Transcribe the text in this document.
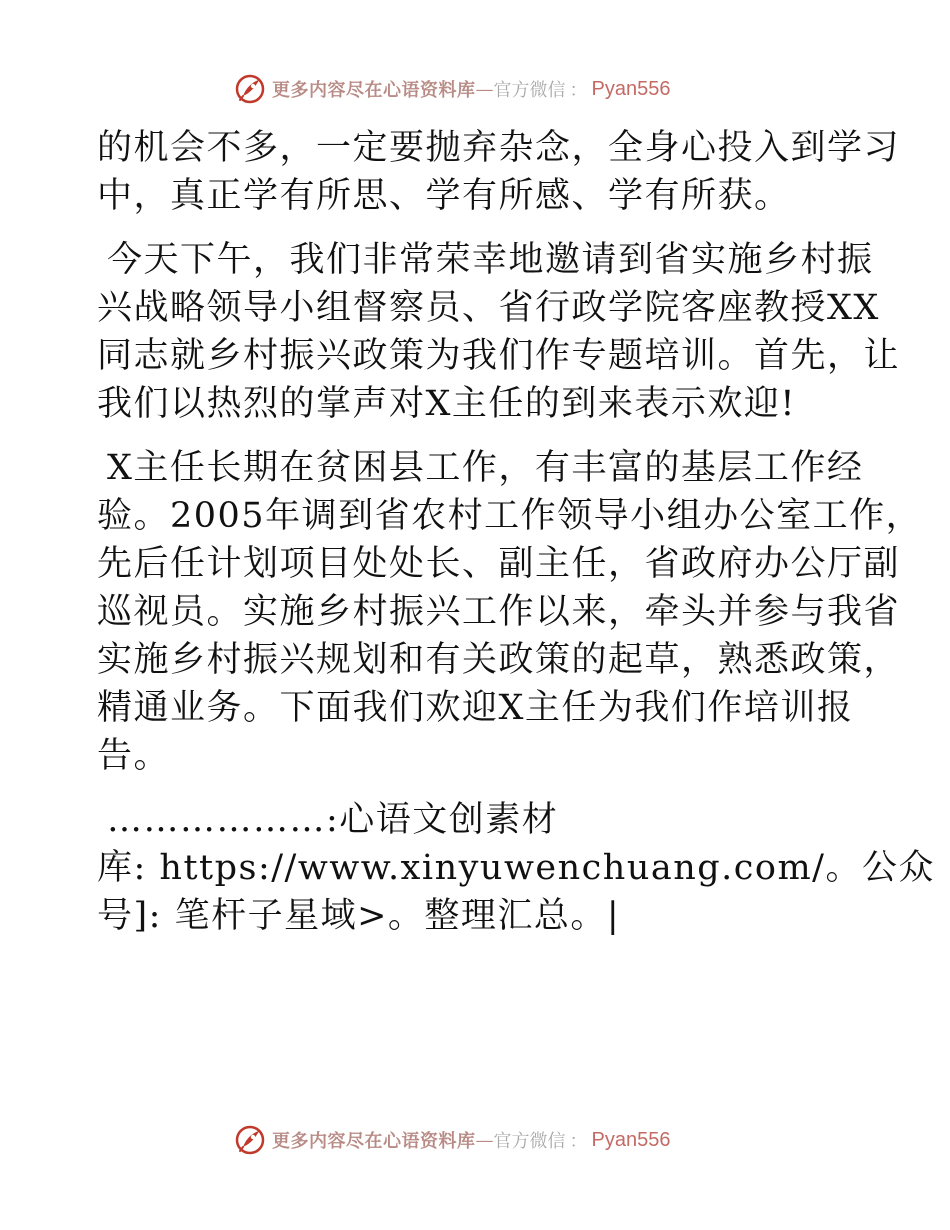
更多内容尽在心语资料库 — 官方微信 ： Pyan556

的机会不多，一定要抛弃杂念，全身心投入到学习
中，真正学有所思、学有所感、学有所获。

今天下午，我们非常荣幸地邀请到省实施乡村振
兴战略领导小组督察员、省行政学院客座教授XX
同志就乡村振兴政策为我们作专题培训。首先，让
我们以热烈的掌声对X主任的到来表示欢迎!

X主任长期在贫困县工作，有丰富的基层工作经
验。2005年调到省农村工作领导小组办公室工作，
先后任计划项目处处长、副主任，省政府办公厅副
巡视员。实施乡村振兴工作以来，牵头并参与我省
实施乡村振兴规划和有关政策的起草，熟悉政策，
精通业务。下面我们欢迎X主任为我们作培训报
告。

………………:心语文创素材
库: https://www.xinyuwenchuang.com/。公众
号]: 笔杆子星域>。整理汇总。|

更多内容尽在心语资料库 — 官方微信 ： Pyan556
